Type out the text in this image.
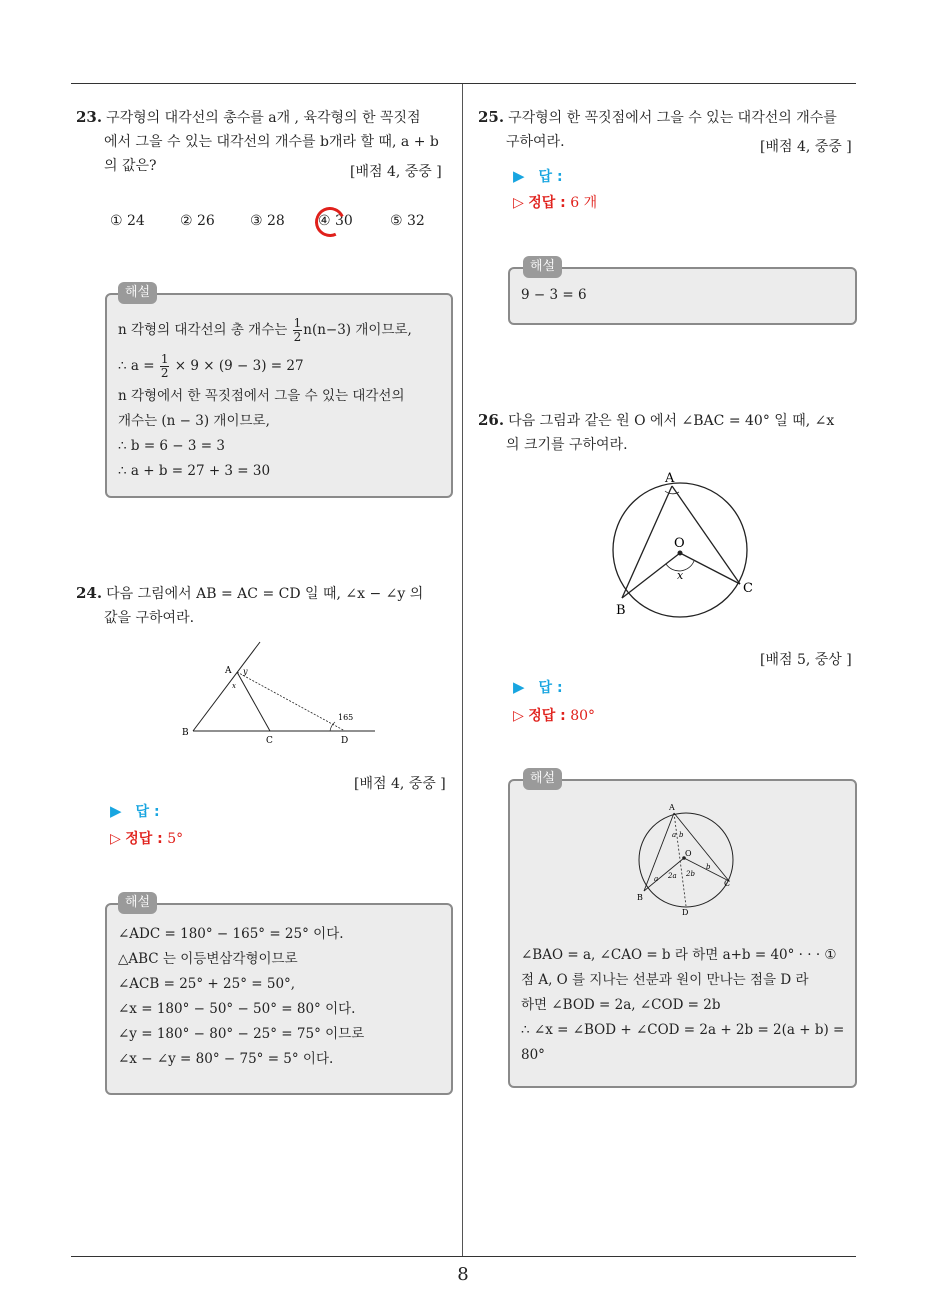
8
23. 구각형의 대각선의 총수를 a개 , 육각형의 한 꼭짓점
에서 그을 수 있는 대각선의 개수를 b개라 할 때, a + b
의 값은?	[배점 4, 중중 ]
① 24	② 26	③ 28 ④ 30	⑤ 32
해설
n 각형의 대각선의 총 개수는 $\frac{1}{2} n(n-3)$ 개이므로,
∴ $a = \frac{1}{2} \times 9 \times (9 - 3) = 27$
n 각형에서 한 꼭짓점에서 그을 수 있는 대각선의
개수는 (n − 3) 개이므로,
∴ b = 6 − 3 = 3
∴ a + b = 27 + 3 = 30
24. 다음 그림에서 AB = AC = CD 일 때, ∠x − ∠y 의
값을 구하여라.
B
A
C	D
y
x
165
[배점 4, 중중 ]
▶ 답 :
▷ 정답 : 5°
해설
∠ADC = 180° − 165° = 25° 이다.
△ABC 는 이등변삼각형이므로
∠ACB = 25° + 25° = 50°,
∠x = 180° − 50° − 50° = 80° 이다.
∠y = 180° − 80° − 25° = 75° 이므로
∠x − ∠y = 80° − 75° = 5° 이다.
25. 구각형의 한 꼭짓점에서 그을 수 있는 대각선의 개수를
구하여라.	[배점 4, 중중 ]
▶ 답 :
▷ 정답 : 6 개
해설
9 − 3 = 6
26. 다음 그림과 같은 원 O 에서 ∠BAC = 40° 일 때, ∠x
의 크기를 구하여라.
A
B
C
O
x
[배점 5, 중상 ]
▶ 답 :
▷ 정답 : 80°
해설
A
B
C
D
O
a b
a
b
2a 2b
∠BAO = a, ∠CAO = b 라 하면 a+b = 40° · · · ①
점 A, O 를 지나는 선분과 원이 만나는 점을 D 라
하면 ∠BOD = 2a, ∠COD = 2b
∴ ∠x = ∠BOD + ∠COD = 2a + 2b = 2(a + b) =
80°
